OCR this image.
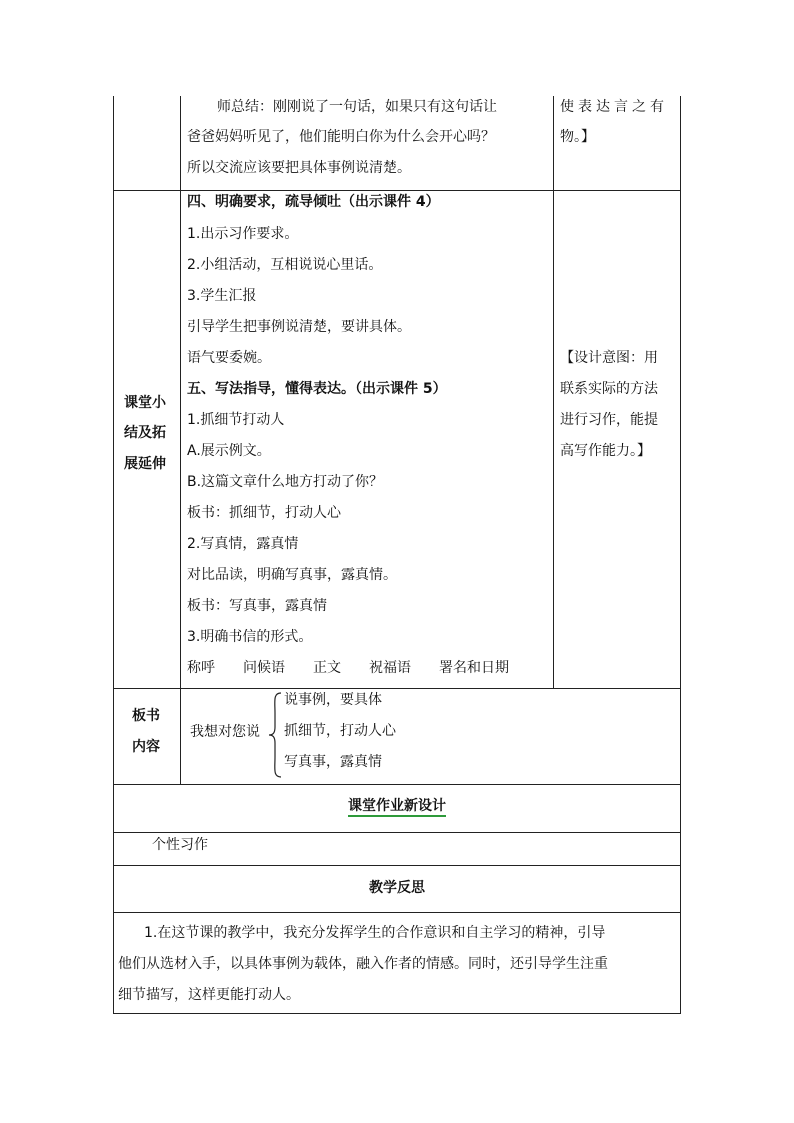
师总结：刚刚说了一句话，如果只有这句话让
爸爸妈妈听见了，他们能明白你为什么会开心吗？
所以交流应该要把具体事例说清楚。
使表达言之有
物。】
课堂小
结及拓
展延伸
四、明确要求，疏导倾吐（出示课件 4）
1.出示习作要求。
2.小组活动，互相说说心里话。
3.学生汇报
引导学生把事例说清楚，要讲具体。
语气要委婉。
五、写法指导，懂得表达。（出示课件 5）
1.抓细节打动人
A.展示例文。
B.这篇文章什么地方打动了你？
板书：抓细节，打动人心
2.写真情，露真情
对比品读，明确写真事，露真情。
板书：写真事，露真情
3.明确书信的形式。
称呼　　问候语　　正文　　祝福语　　署名和日期
【设计意图：用
联系实际的方法
进行习作，能提
高写作能力。】
板书
内容
我想对您说
说事例，要具体
抓细节，打动人心
写真事，露真情
课堂作业新设计
个性习作
教学反思
1.在这节课的教学中，我充分发挥学生的合作意识和自主学习的精神，引导
他们从选材入手，以具体事例为载体，融入作者的情感。同时，还引导学生注重
细节描写，这样更能打动人。
